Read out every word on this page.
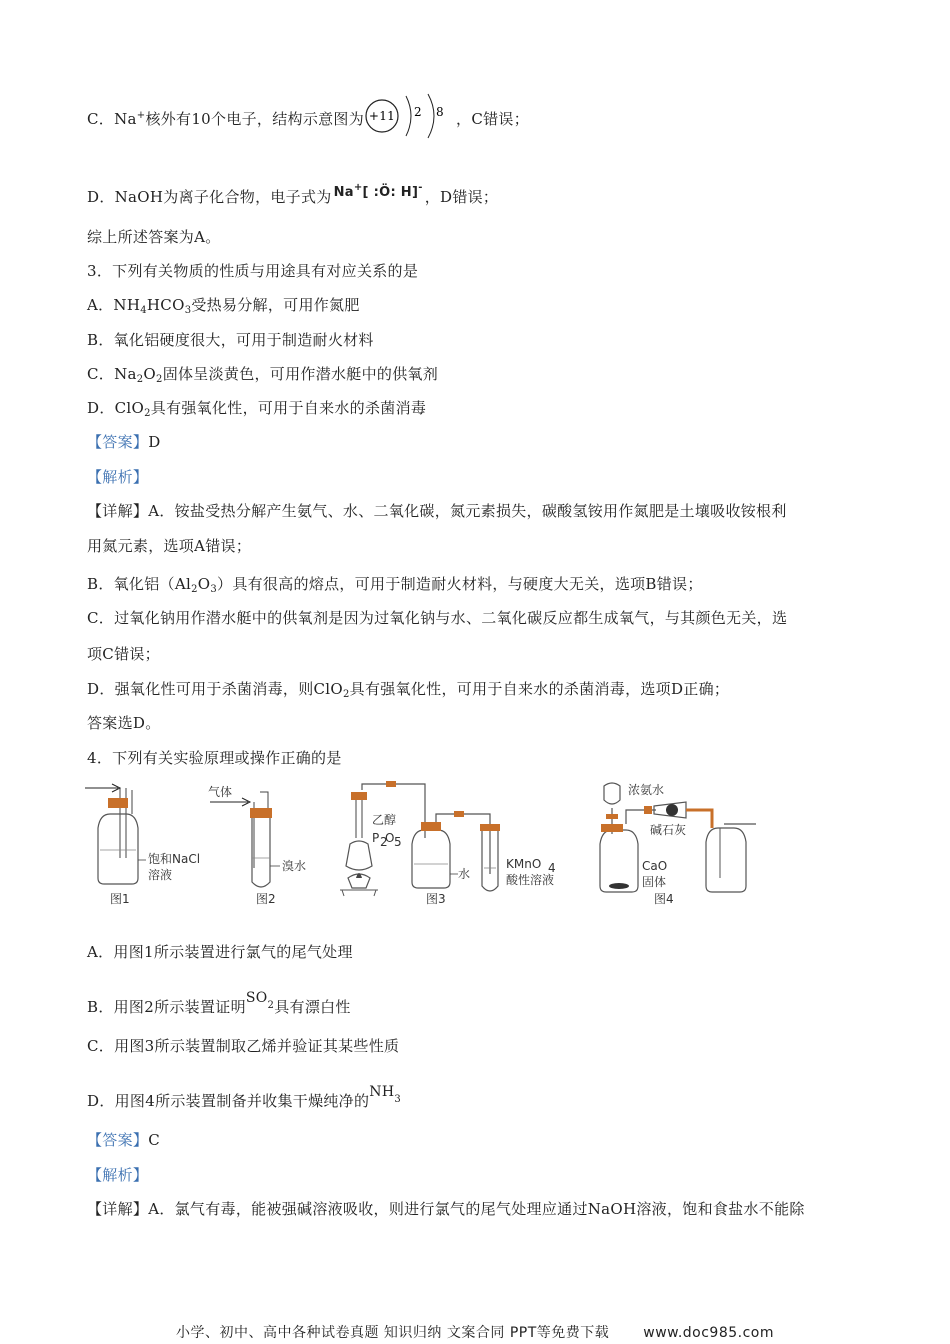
C．Na+核外有10个电子，结构示意图为 +11 2 8 ，C错误；
D．NaOH为离子化合物，电子式为 Na+[ :Ö: H]-，D错误；
综上所述答案为A。
3．下列有关物质的性质与用途具有对应关系的是
A．$NH_4HCO_3$受热易分解，可用作氮肥
B．氧化铝硬度很大，可用于制造耐火材料
C．$Na_2O_2$固体呈淡黄色，可用作潜水艇中的供氧剂
D．ClO$_2$具有强氧化性，可用于自来水的杀菌消毒
【答案】D
【解析】
【详解】A．铵盐受热分解产生氨气、水、二氧化碳，氮元素损失，碳酸氢铵用作氮肥是土壤吸收铵根利
用氮元素，选项A错误；
B．氧化铝$(Al_2O_3)$具有很高的熔点，可用于制造耐火材料，与硬度大无关，选项B错误；
C．过氧化钠用作潜水艇中的供氧剂是因为过氧化钠与水、二氧化碳反应都生成氧气，与其颜色无关，选
项C错误；
D．强氧化性可用于杀菌消毒，则ClO$_2$具有强氧化性，可用于自来水的杀菌消毒，选项D正确；
答案选D。
4．下列有关实验原理或操作正确的是
饱和NaCl
溶液
图1
气体
溴水
图2
乙醇
P 2
O 5
水
KMnO 4
酸性溶液
图3
浓氨水
碱石灰
CaO
固体
图4
A．用图1所示装置进行氯气的尾气处理
B．用图2所示装置证明$SO^2$具有漂白性
C．用图3所示装置制取乙烯并验证其某些性质
D．用图4所示装置制备并收集干燥纯净的$NH^3$
【答案】C
【解析】
【详解】A．氯气有毒，能被强碱溶液吸收，则进行氯气的尾气处理应通过NaOH溶液，饱和食盐水不能除
小学、初中、高中各种试卷真题 知识归纳 文案合同 PPT等免费下载 www.doc985.com
